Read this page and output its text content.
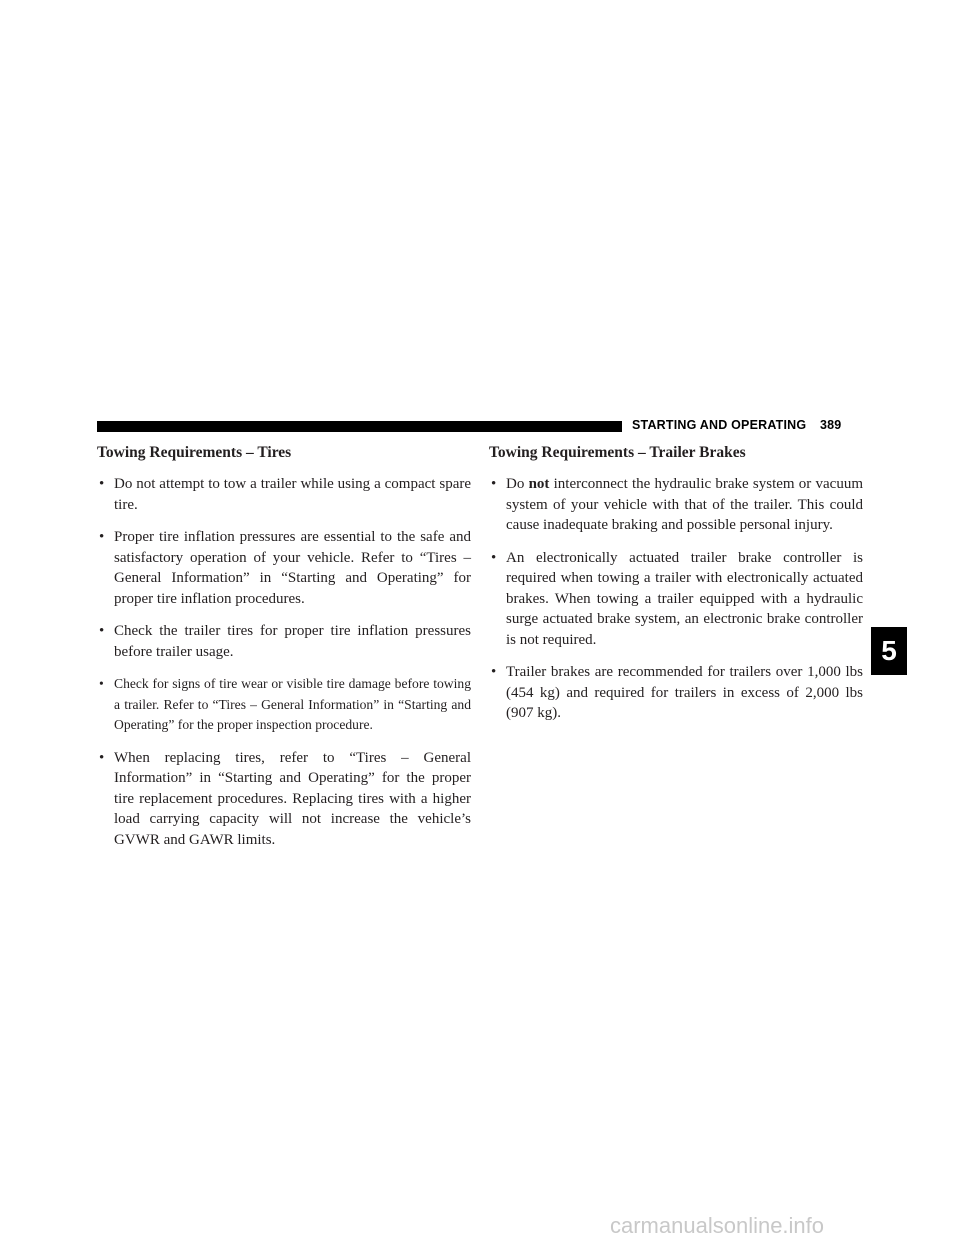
STARTING AND OPERATING 389
Towing Requirements – Tires
• Do not attempt to tow a trailer while using a compact spare tire.
• Proper tire inflation pressures are essential to the safe and satisfactory operation of your vehicle. Refer to “Tires – General Information” in “Starting and Operating” for proper tire inflation procedures.
• Check the trailer tires for proper tire inflation pressures before trailer usage.
• Check for signs of tire wear or visible tire damage before towing a trailer. Refer to “Tires – General Information” in “Starting and Operating” for the proper inspection procedure.
• When replacing tires, refer to “Tires – General Information” in “Starting and Operating” for the proper tire replacement procedures. Replacing tires with a higher load carrying capacity will not increase the vehicle’s GVWR and GAWR limits.
Towing Requirements – Trailer Brakes
• Do not interconnect the hydraulic brake system or vacuum system of your vehicle with that of the trailer. This could cause inadequate braking and possible personal injury.
• An electronically actuated trailer brake controller is required when towing a trailer with electronically actuated brakes. When towing a trailer equipped with a hydraulic surge actuated brake system, an electronic brake controller is not required.
• Trailer brakes are recommended for trailers over 1,000 lbs (454 kg) and required for trailers in excess of 2,000 lbs (907 kg).
5
carmanualsonline.info
